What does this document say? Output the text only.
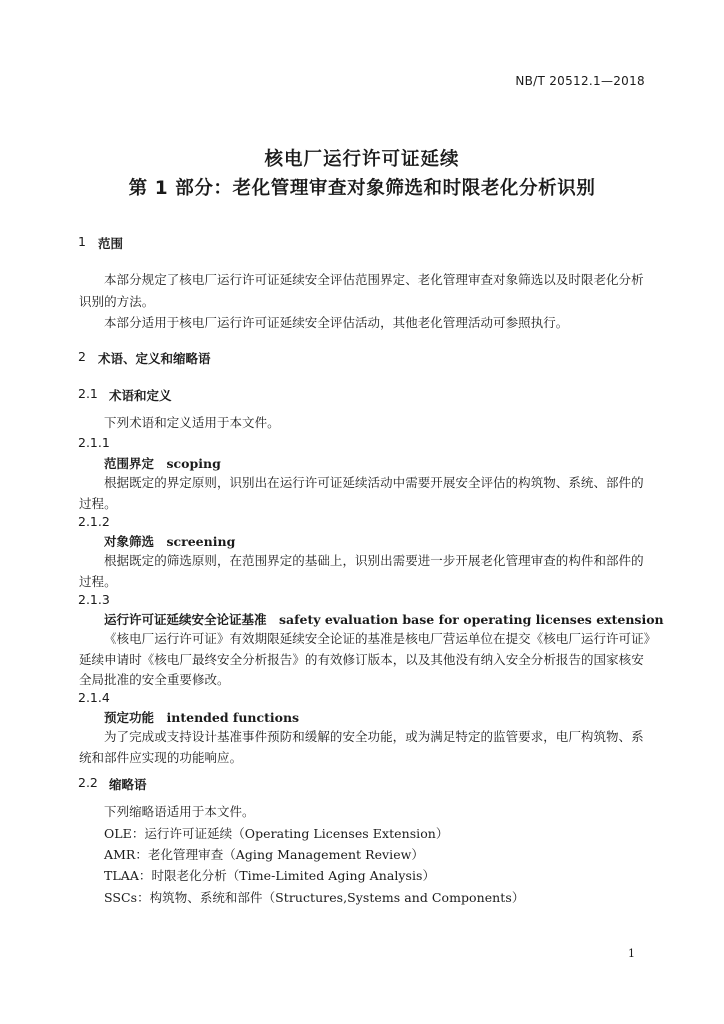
NB/T 20512.1—2018
核电厂运行许可证延续
第 1 部分：老化管理审查对象筛选和时限老化分析识别
1 范围
本部分规定了核电厂运行许可证延续安全评估范围界定、老化管理审查对象筛选以及时限老化分析
识别的方法。
本部分适用于核电厂运行许可证延续安全评估活动，其他老化管理活动可参照执行。
2 术语、定义和缩略语
2.1 术语和定义
下列术语和定义适用于本文件。
2.1.1
范围界定　scoping
根据既定的界定原则，识别出在运行许可证延续活动中需要开展安全评估的构筑物、系统、部件的
过程。
2.1.2
对象筛选　screening
根据既定的筛选原则，在范围界定的基础上，识别出需要进一步开展老化管理审查的构件和部件的
过程。
2.1.3
运行许可证延续安全论证基准　safety evaluation base for operating licenses extension
《核电厂运行许可证》有效期限延续安全论证的基准是核电厂营运单位在提交《核电厂运行许可证》
延续申请时《核电厂最终安全分析报告》的有效修订版本，以及其他没有纳入安全分析报告的国家核安
全局批准的安全重要修改。
2.1.4
预定功能　intended functions
为了完成或支持设计基准事件预防和缓解的安全功能，或为满足特定的监管要求，电厂构筑物、系
统和部件应实现的功能响应。
2.2 缩略语
下列缩略语适用于本文件。
OLE：运行许可证延续（Operating Licenses Extension）
AMR：老化管理审查（Aging Management Review）
TLAA：时限老化分析（Time-Limited Aging Analysis）
SSCs：构筑物、系统和部件（Structures,Systems and Components）
1
